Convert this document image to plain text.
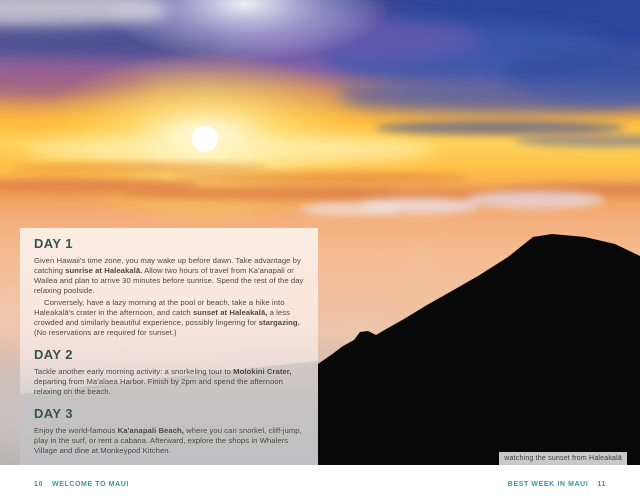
watching the sunset from Haleakalā
DAY 1

Given Hawaii's time zone, you may wake up before dawn. Take advantage by catching sunrise at Haleakalā. Allow two hours of travel from Ka'anapali or Wailea and plan to arrive 30 minutes before sunrise. Spend the rest of the day relaxing poolside.

Conversely, have a lazy morning at the pool or beach, take a hike into Haleakalā's crater in the afternoon, and catch sunset at Haleakalā, a less crowded and similarly beautiful experience, possibly lingering for stargazing. (No reservations are required for sunset.)

DAY 2

Tackle another early morning activity: a snorkeling tour to Molokini Crater, departing from Ma'alaea Harbor. Finish by 2pm and spend the afternoon relaxing on the beach.

DAY 3

Enjoy the world-famous Ka'anapali Beach, where you can snorkel, cliff-jump, play in the surf, or rent a cabana. Afterward, explore the shops in Whalers Village and dine at Monkeypod Kitchen.

10 WELCOME TO MAUI	BEST WEEK IN MAUI 11
